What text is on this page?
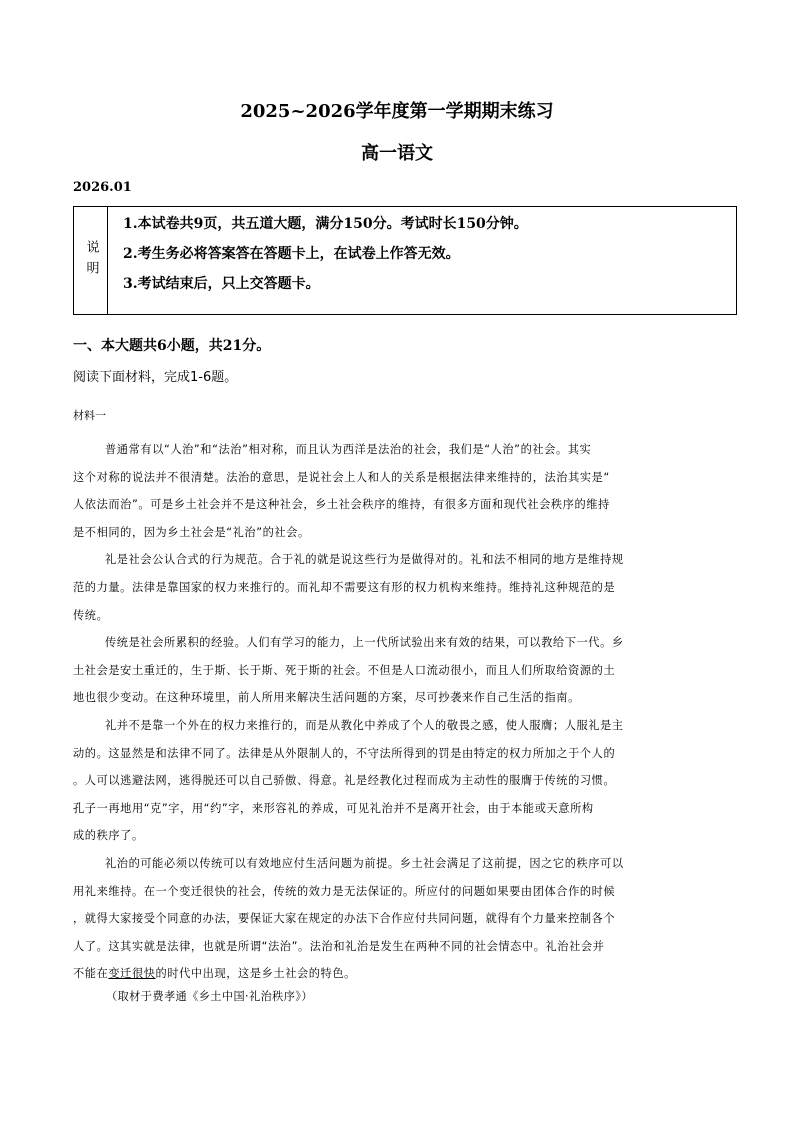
2025~2026学年度第一学期期末练习
高一语文
2026.01
说明
1.本试卷共9页，共五道大题，满分150分。考试时长150分钟。
2.考生务必将答案答在答题卡上，在试卷上作答无效。
3.考试结束后，只上交答题卡。
一、本大题共6小题，共21分。
阅读下面材料，完成1-6题。
材料一
普通常有以“人治”和“法治”相对称，而且认为西洋是法治的社会，我们是“人治”的社会。其实
这个对称的说法并不很清楚。法治的意思，是说社会上人和人的关系是根据法律来维持的，法治其实是“
人依法而治”。可是乡土社会并不是这种社会，乡土社会秩序的维持，有很多方面和现代社会秩序的维持
是不相同的，因为乡土社会是“礼治”的社会。
礼是社会公认合式的行为规范。合于礼的就是说这些行为是做得对的。礼和法不相同的地方是维持规
范的力量。法律是靠国家的权力来推行的。而礼却不需要这有形的权力机构来维持。维持礼这种规范的是
传统。
传统是社会所累积的经验。人们有学习的能力，上一代所试验出来有效的结果，可以教给下一代。乡
土社会是安土重迁的，生于斯、长于斯、死于斯的社会。不但是人口流动很小，而且人们所取给资源的土
地也很少变动。在这种环境里，前人所用来解决生活问题的方案，尽可抄袭来作自己生活的指南。
礼并不是靠一个外在的权力来推行的，而是从教化中养成了个人的敬畏之感，使人服膺；人服礼是主
动的。这显然是和法律不同了。法律是从外限制人的，不守法所得到的罚是由特定的权力所加之于个人的
。人可以逃避法网，逃得脱还可以自己骄傲、得意。礼是经教化过程而成为主动性的服膺于传统的习惯。
孔子一再地用“克”字，用“约”字，来形容礼的养成，可见礼治并不是离开社会，由于本能或天意所构
成的秩序了。
礼治的可能必须以传统可以有效地应付生活问题为前提。乡土社会满足了这前提，因之它的秩序可以
用礼来维持。在一个变迁很快的社会，传统的效力是无法保证的。所应付的问题如果要由团体合作的时候
，就得大家接受个同意的办法，要保证大家在规定的办法下合作应付共同问题，就得有个力量来控制各个
人了。这其实就是法律，也就是所谓“法治”。法治和礼治是发生在两种不同的社会情态中。礼治社会并
不能在变迁很快的时代中出现，这是乡土社会的特色。
（取材于费孝通《乡土中国·礼治秩序》）
